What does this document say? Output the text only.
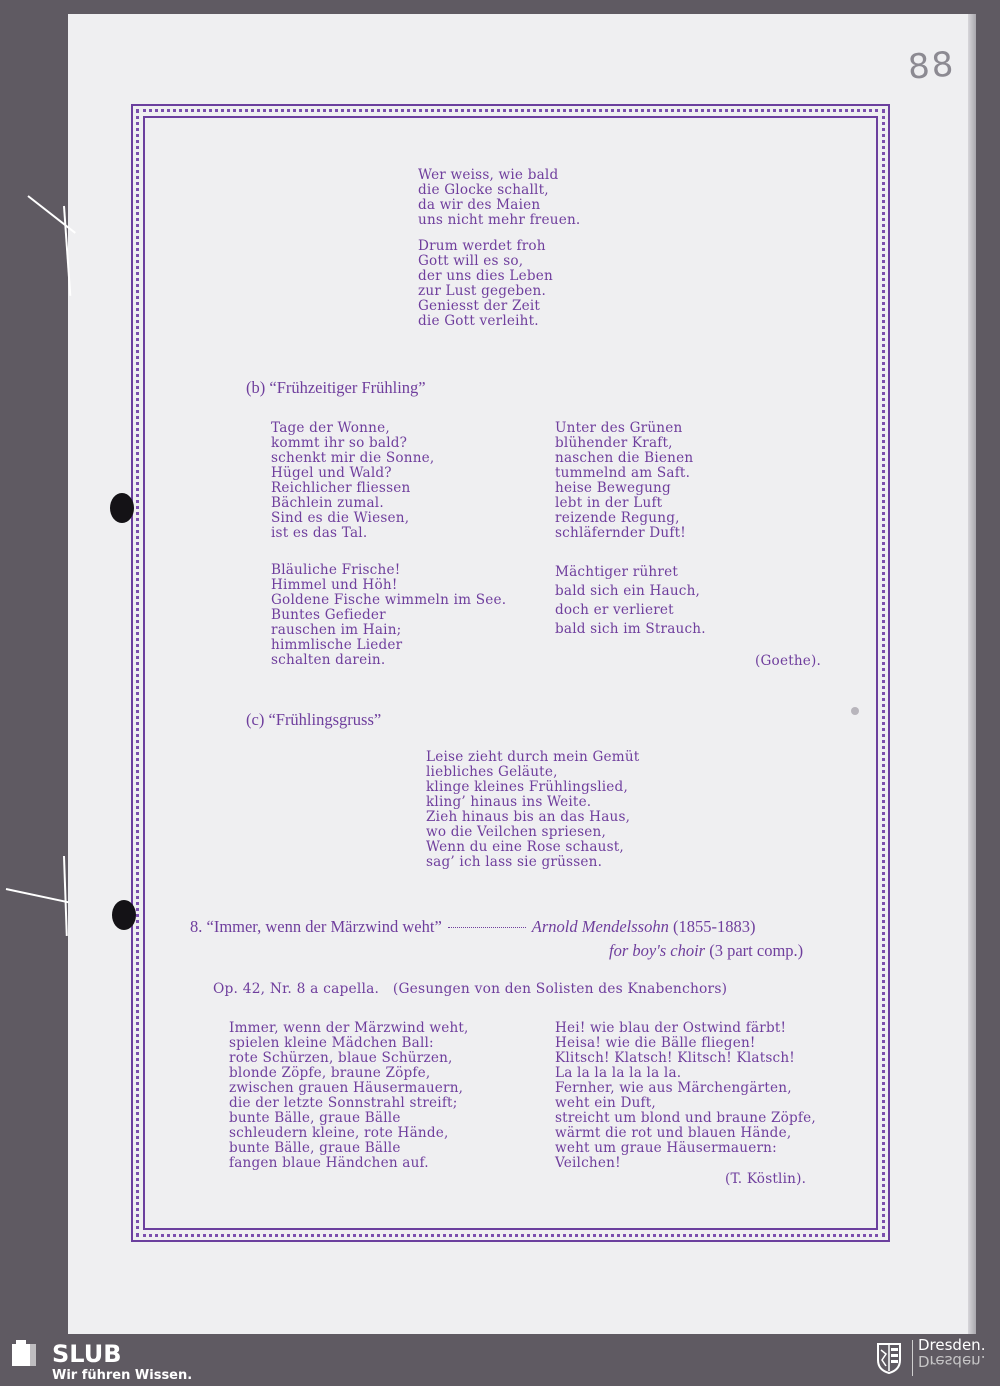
88
Wer weiss, wie bald
die Glocke schallt,
da wir des Maien
uns nicht mehr freuen.
Drum werdet froh
Gott will es so,
der uns dies Leben
zur Lust gegeben.
Geniesst der Zeit
die Gott verleiht.
(b) “Frühzeitiger Frühling”
Tage der Wonne,
kommt ihr so bald?
schenkt mir die Sonne,
Hügel und Wald?
Reichlicher fliessen
Bächlein zumal.
Sind es die Wiesen,
ist es das Tal.
Unter des Grünen
blühender Kraft,
naschen die Bienen
tummelnd am Saft.
heise Bewegung
lebt in der Luft
reizende Regung,
schläfernder Duft!
Bläuliche Frische!
Himmel und Höh!
Goldene Fische wimmeln im See.
Buntes Gefieder
rauschen im Hain;
himmlische Lieder
schalten darein.
Mächtiger rühret
bald sich ein Hauch,
doch er verlieret
bald sich im Strauch.
(Goethe).
(c) “Frühlingsgruss”
Leise zieht durch mein Gemüt
liebliches Geläute,
klinge kleines Frühlingslied,
kling’ hinaus ins Weite.
Zieh hinaus bis an das Haus,
wo die Veilchen spriesen,
Wenn du eine Rose schaust,
sag’ ich lass sie grüssen.
8. “Immer, wenn der Märzwind weht”	Arnold Mendelssohn (1855-1883)
for boy's choir (3 part comp.)
Op. 42, Nr. 8 a capella.   (Gesungen von den Solisten des Knabenchors)
Immer, wenn der Märzwind weht,
spielen kleine Mädchen Ball:
rote Schürzen, blaue Schürzen,
blonde Zöpfe, braune Zöpfe,
zwischen grauen Häusermauern,
die der letzte Sonnstrahl streift;
bunte Bälle, graue Bälle
schleudern kleine, rote Hände,
bunte Bälle, graue Bälle
fangen blaue Händchen auf.
Hei! wie blau der Ostwind färbt!
Heisa! wie die Bälle fliegen!
Klitsch! Klatsch! Klitsch! Klatsch!
La la la la la la la.
Fernher, wie aus Märchengärten,
weht ein Duft,
streicht um blond und braune Zöpfe,
wärmt die rot und blauen Hände,
weht um graue Häusermauern:
Veilchen!
(T. Köstlin).
SLUB
Wir führen Wissen.
Dresden.
Dresden.
